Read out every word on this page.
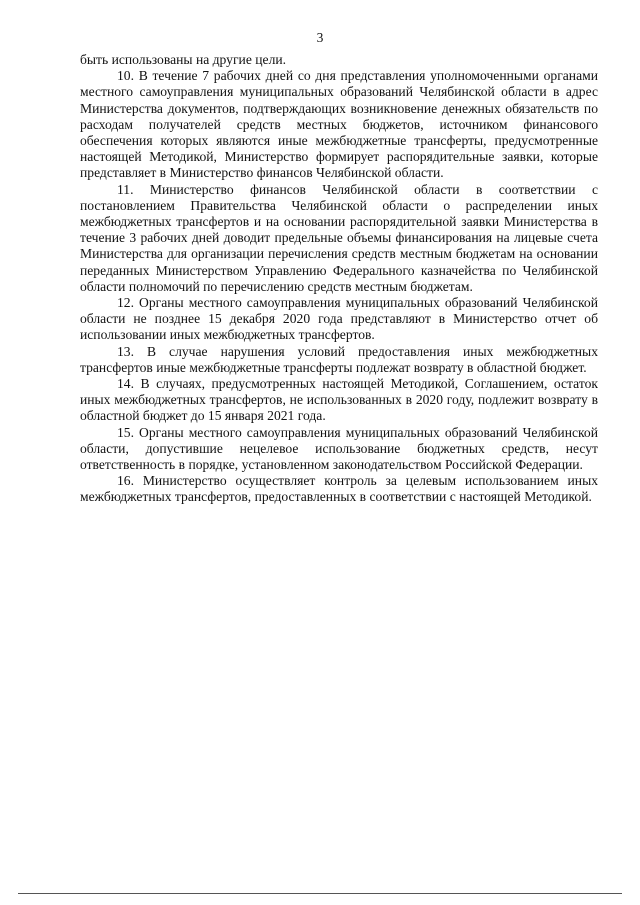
3

быть использованы на другие цели.

10. В течение 7 рабочих дней со дня представления уполномоченными органами местного самоуправления муниципальных образований Челябинской области в адрес Министерства документов, подтверждающих возникновение денежных обязательств по расходам получателей средств местных бюджетов, источником финансового обеспечения которых являются иные межбюджетные трансферты, предусмотренные настоящей Методикой, Министерство формирует распорядительные заявки, которые представляет в Министерство финансов Челябинской области.

11. Министерство финансов Челябинской области в соответствии с постановлением Правительства Челябинской области о распределении иных межбюджетных трансфертов и на основании распорядительной заявки Министерства в течение 3 рабочих дней доводит предельные объемы финансирования на лицевые счета Министерства для организации перечисления средств местным бюджетам на основании переданных Министерством Управлению Федерального казначейства по Челябинской области полномочий по перечислению средств местным бюджетам.

12. Органы местного самоуправления муниципальных образований Челябинской области не позднее 15 декабря 2020 года представляют в Министерство отчет об использовании иных межбюджетных трансфертов.

13. В случае нарушения условий предоставления иных межбюджетных трансфертов иные межбюджетные трансферты подлежат возврату в областной бюджет.

14. В случаях, предусмотренных настоящей Методикой, Соглашением, остаток иных межбюджетных трансфертов, не использованных в 2020 году, подлежит возврату в областной бюджет до 15 января 2021 года.

15. Органы местного самоуправления муниципальных образований Челябинской области, допустившие нецелевое использование бюджетных средств, несут ответственность в порядке, установленном законодательством Российской Федерации.

16. Министерство осуществляет контроль за целевым использованием иных межбюджетных трансфертов, предоставленных в соответствии с настоящей Методикой.
